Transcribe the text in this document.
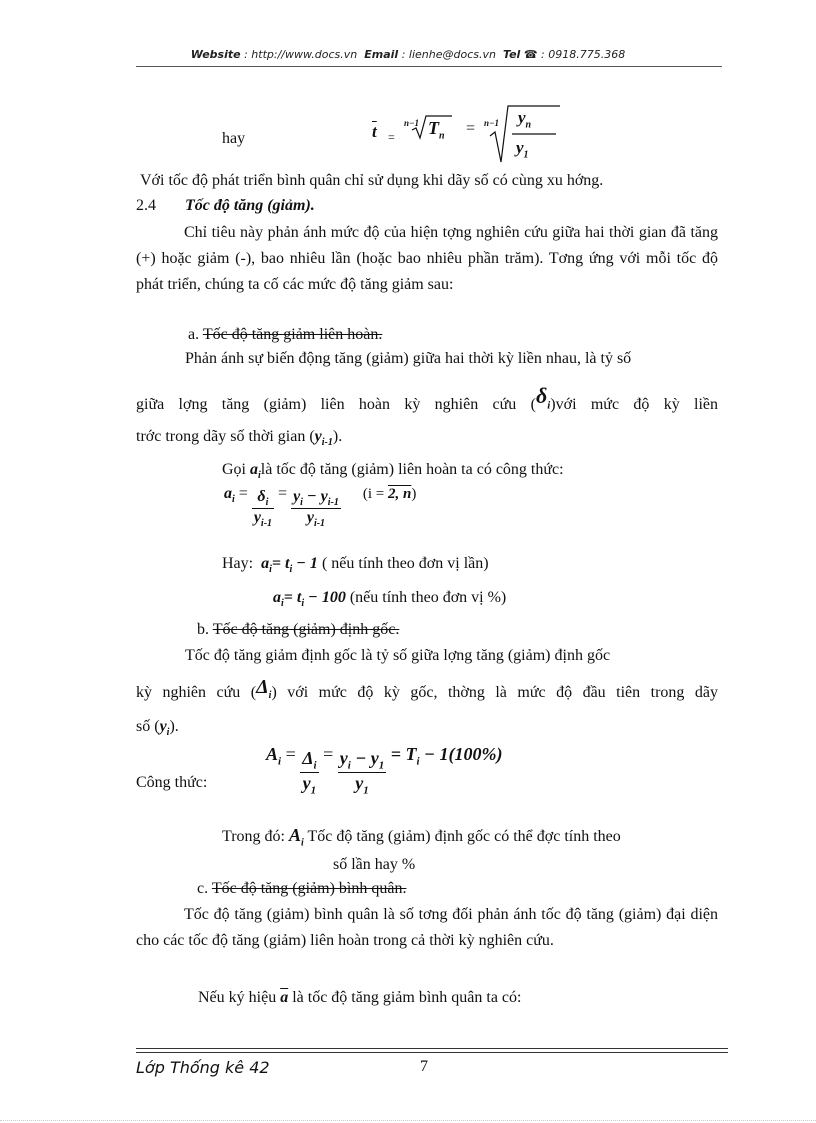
Website : http://www.docs.vn Email : lienhe@docs.vn Tel ☎ : 0918.775.368
hay	$\overline{t}$ =
n−1 $T_n = n-1$ $y_n$
$y_1$
Với tốc độ phát triển bình quân chỉ sử dụng khi dãy số có cùng xu hớng.
2.4 Tốc độ tăng (giảm).
Chỉ tiêu này phản ánh mức độ của hiện tợng nghiên cứu giữa hai thời gian đã tăng (+) hoặc giảm (-), bao nhiêu lần (hoặc bao nhiêu phần trăm). Tơng ứng với mỗi tốc độ phát triển, chúng ta cố các mức độ tăng giảm sau:
a. Tốc độ tăng giảm liên hoàn.
Phản ánh sự biến động tăng (giảm) giữa hai thời kỳ liền nhau, là tỷ số
giữa lợng tăng (giảm) liên hoàn kỳ nghiên cứu $(\delta_i)với$ mức độ kỳ liền
trớc trong dãy số thời gian $(y_{i-1})$.
Gọi $a_ilà$ tốc độ tăng (giảm) liên hoàn ta có công thức:
$a_i = \frac{\delta_i}{y_{i-1}} = \frac{y_i - y_{i-1}}{y_{i-1}} (i = 2$, n)
Hay: $a_i= t_i - 1$ ( nếu tính theo đơn vị lần)
$a_i= t_i - 100$ (nếu tính theo đơn vị %)
b. Tốc độ tăng (giảm) định gốc.
Tốc độ tăng giảm định gốc là tỷ số giữa lợng tăng (giảm) định gốc
kỳ nghiên cứu $(\Delta_i)$ với mức độ kỳ gốc, thờng là mức độ đầu tiên trong dãy
số $(y_i)$.
Công thức:
$A_i = \frac{\Delta_i}{y_1} = \frac{y_i - y_1}{y_1} = T_i - 1(100\%)$
Trong đó: $A_i$ Tốc độ tăng (giảm) định gốc có thể đợc tính theo
số lần hay %
c. Tốc độ tăng (giảm) bình quân.
Tốc độ tăng (giảm) bình quân là số tơng đối phản ánh tốc độ tăng (giảm) đại diện cho các tốc độ tăng (giảm) liên hoàn trong cả thời kỳ nghiên cứu.
Nếu ký hiệu $\overline{a}$ là tốc độ tăng giảm bình quân ta có:
Lớp Thống kê 42	7
